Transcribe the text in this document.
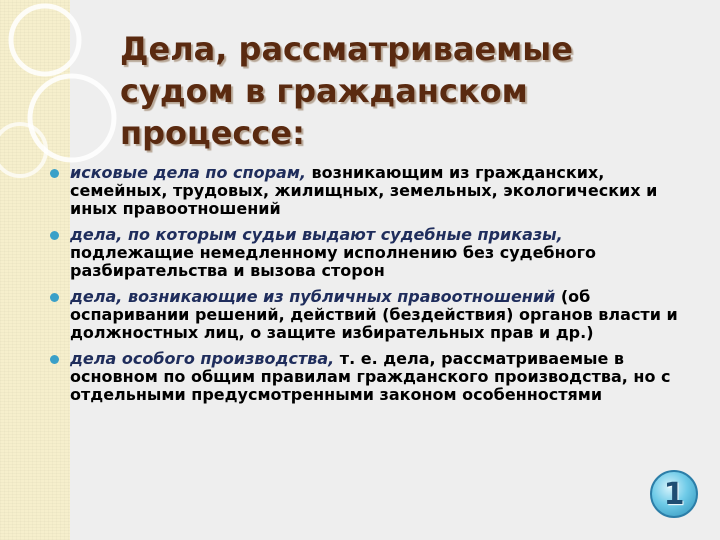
Дела, рассматриваемые судом в гражданском процессе:
исковые дела по спорам, возникающим из гражданских, семейных, трудовых, жилищных, земельных, экологических и иных правоотношений
дела, по которым судьи выдают судебные приказы, подлежащие немедленному исполнению без судебного разбирательства и вызова сторон
дела, возникающие из публичных правоотношений (об оспаривании решений, действий (бездействия) органов власти и должностных лиц, о защите избирательных прав и др.)
дела особого производства, т. е. дела, рассматриваемые в основном по общим правилам гражданского производства, но с отдельными предусмотренными законом особенностями
1
